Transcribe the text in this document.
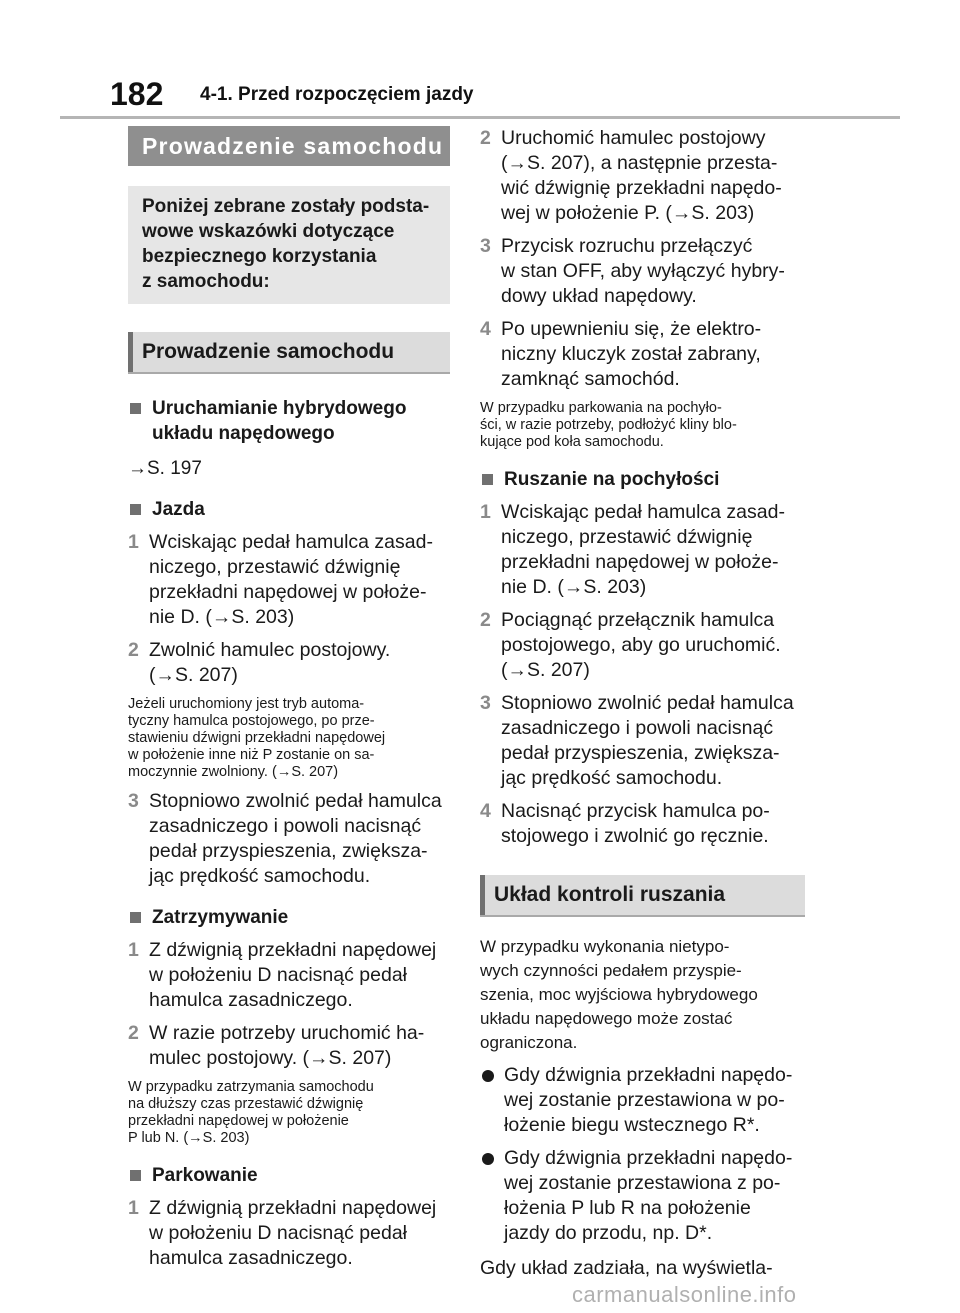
182 4-1. Przed rozpoczęciem jazdy
Prowadzenie samochodu
Poniżej zebrane zostały podsta-
wowe wskazówki dotyczące
bezpiecznego korzystania
z samochodu:
Prowadzenie samochodu
Uruchamianie hybrydowego
układu napędowego
→S. 197
Jazda
1 Wciskając pedał hamulca zasad-
niczego, przestawić dźwignię
przekładni napędowej w położe-
nie D. (→S. 203)
2 Zwolnić hamulec postojowy.
(→S. 207)
Jeżeli uruchomiony jest tryb automa-
tyczny hamulca postojowego, po prze-
stawieniu dźwigni przekładni napędowej
w położenie inne niż P zostanie on sa-
moczynnie zwolniony. (→S. 207)
3 Stopniowo zwolnić pedał hamulca
zasadniczego i powoli nacisnąć
pedał przyspieszenia, zwiększa-
jąc prędkość samochodu.
Zatrzymywanie
1 Z dźwignią przekładni napędowej
w położeniu D nacisnąć pedał
hamulca zasadniczego.
2 W razie potrzeby uruchomić ha-
mulec postojowy. (→S. 207)
W przypadku zatrzymania samochodu
na dłuższy czas przestawić dźwignię
przekładni napędowej w położenie
P lub N. (→S. 203)
Parkowanie
1 Z dźwignią przekładni napędowej
w położeniu D nacisnąć pedał
hamulca zasadniczego.
2 Uruchomić hamulec postojowy
(→S. 207), a następnie przesta-
wić dźwignię przekładni napędo-
wej w położenie P. (→S. 203)
3 Przycisk rozruchu przełączyć
w stan OFF, aby wyłączyć hybry-
dowy układ napędowy.
4 Po upewnieniu się, że elektro-
niczny kluczyk został zabrany,
zamknąć samochód.
W przypadku parkowania na pochyło-
ści, w razie potrzeby, podłożyć kliny blo-
kujące pod koła samochodu.
Ruszanie na pochyłości
1 Wciskając pedał hamulca zasad-
niczego, przestawić dźwignię
przekładni napędowej w położe-
nie D. (→S. 203)
2 Pociągnąć przełącznik hamulca
postojowego, aby go uruchomić.
(→S. 207)
3 Stopniowo zwolnić pedał hamulca
zasadniczego i powoli nacisnąć
pedał przyspieszenia, zwiększa-
jąc prędkość samochodu.
4 Nacisnąć przycisk hamulca po-
stojowego i zwolnić go ręcznie.
Układ kontroli ruszania
W przypadku wykonania nietypo-
wych czynności pedałem przyspie-
szenia, moc wyjściowa hybrydowego
układu napędowego może zostać
ograniczona.
Gdy dźwignia przekładni napędo-
wej zostanie przestawiona w po-
łożenie biegu wstecznego R*.
Gdy dźwignia przekładni napędo-
wej zostanie przestawiona z po-
łożenia P lub R na położenie
jazdy do przodu, np. D*.
Gdy układ zadziała, na wyświetla-
carmanualsonline.info
